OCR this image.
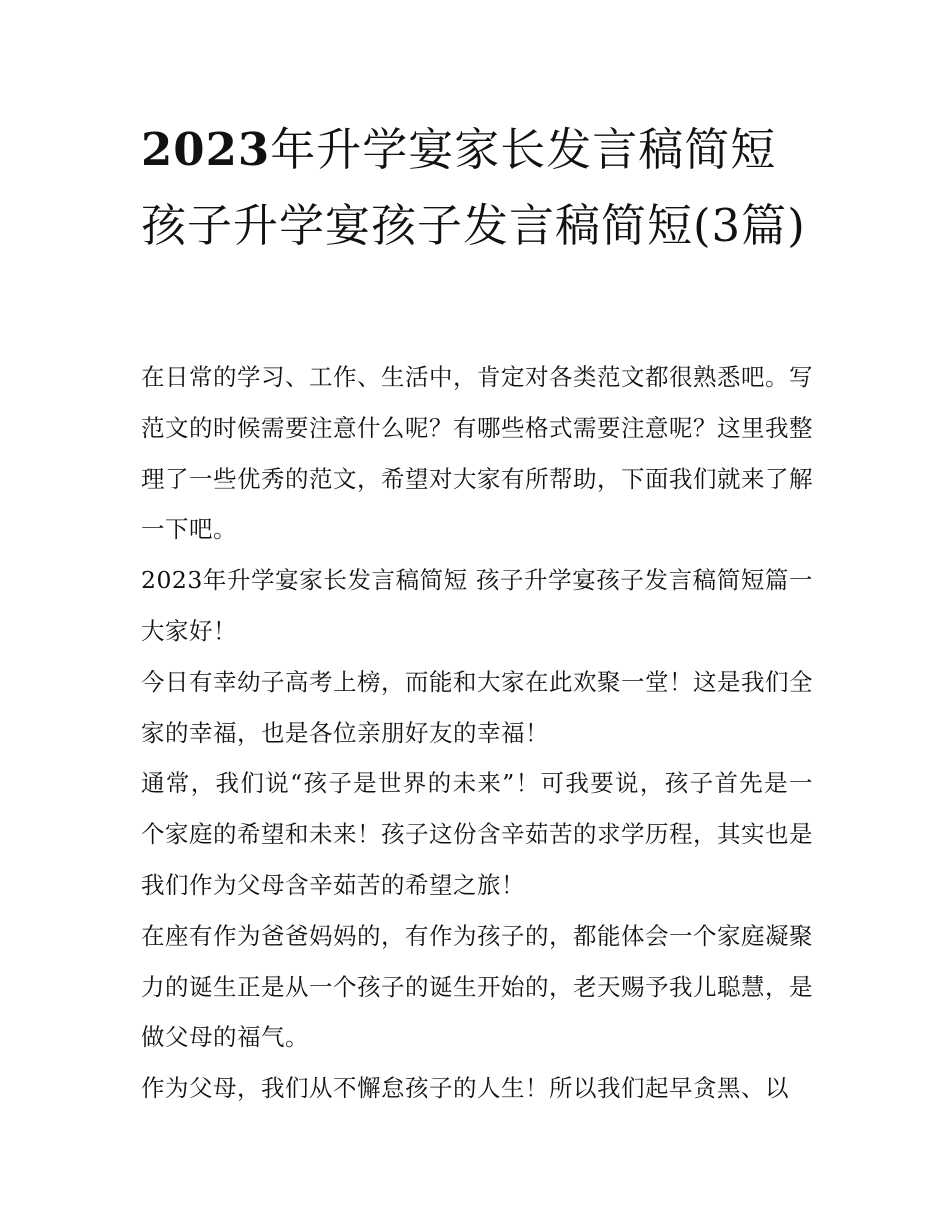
2023年升学宴家长发言稿简短 孩子升学宴孩子发言稿简短(3篇)

在日常的学习、工作、生活中，肯定对各类范文都很熟悉吧。写范文的时候需要注意什么呢？有哪些格式需要注意呢？这里我整理了一些优秀的范文，希望对大家有所帮助，下面我们就来了解一下吧。

2023年升学宴家长发言稿简短 孩子升学宴孩子发言稿简短篇一 大家好！

今日有幸幼子高考上榜，而能和大家在此欢聚一堂！这是我们全家的幸福，也是各位亲朋好友的幸福！

通常，我们说“孩子是世界的未来”！可我要说，孩子首先是一个家庭的希望和未来！孩子这份含辛茹苦的求学历程，其实也是我们作为父母含辛茹苦的希望之旅！

在座有作为爸爸妈妈的，有作为孩子的，都能体会一个家庭凝聚力的诞生正是从一个孩子的诞生开始的，老天赐予我儿聪慧，是做父母的福气。

作为父母，我们从不懈怠孩子的人生！所以我们起早贪黑、以
